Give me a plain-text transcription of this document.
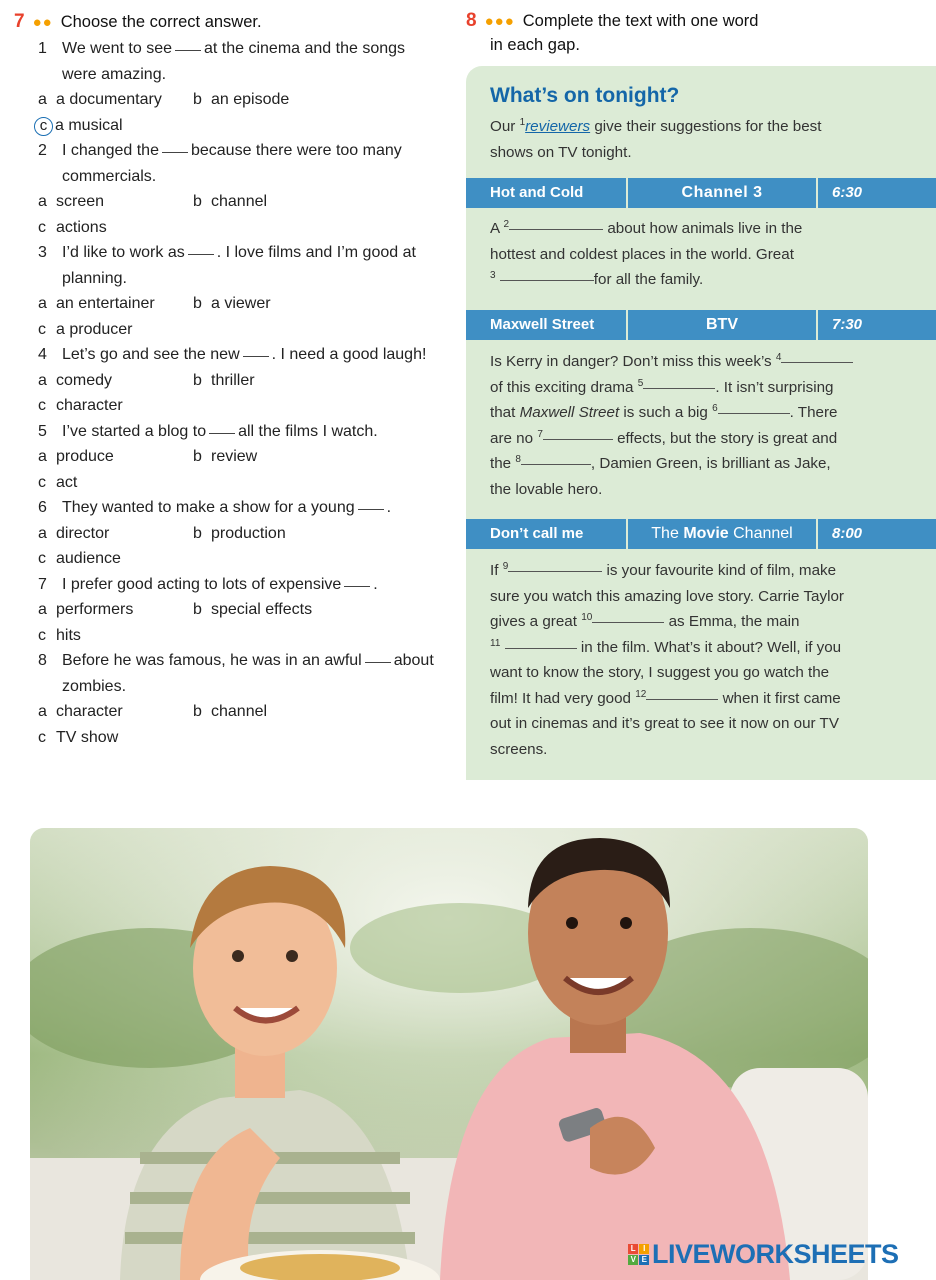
7 ●● Choose the correct answer.
1 We went to see at the cinema and the songs were amazing.
a a documentary b an episode
c a musical
2 I changed the because there were too many commercials.
a screen	b channel
c actions
3 I’d like to work as . I love films and I’m good at planning.
a an entertainer b a viewer
c a producer
4 Let’s go and see the new . I need a good laugh!
a comedy	b thriller
c character
5 I’ve started a blog to all the films I watch.
a produce	b review
c act
6 They wanted to make a show for a young .
a director	b production
c audience
7 I prefer good acting to lots of expensive .
a performers	b special effects
c hits
8 Before he was famous, he was in an awful about zombies.
a character	b channel
c TV show
8 ●●● Complete the text with one word
in each gap.
What’s on tonight?
Our $^1$reviewers give their suggestions for the best
shows on TV tonight.
Hot and Cold	Channel 3	6:30
A $^2$	about how animals live in the
hottest and coldest places in the world. Great
$^3$	for all the family.
Maxwell Street	BTV	7:30
Is Kerry in danger? Don’t miss this week’s $^4$
of this exciting drama $^5$	. It isn’t surprising
that Maxwell Street is such a big $^6$	. There
are no $^7$	effects, but the story is great and
the $^8$	, Damien Green, is brilliant as Jake,
the lovable hero.
Don’t call me	The Movie Channel	8:00
If $^9$	is your favourite kind of film, make
sure you watch this amazing love story. Carrie Taylor
gives a great $^{10}$	as Emma, the main
$^{11}$	in the film. What’s it about? Well, if you
want to know the story, I suggest you go watch the
film! It had very good $^{12}$	when it first came
out in cinemas and it’s great to see it now on our TV
screens.
L I
V E LIVEWORKSHEETS
